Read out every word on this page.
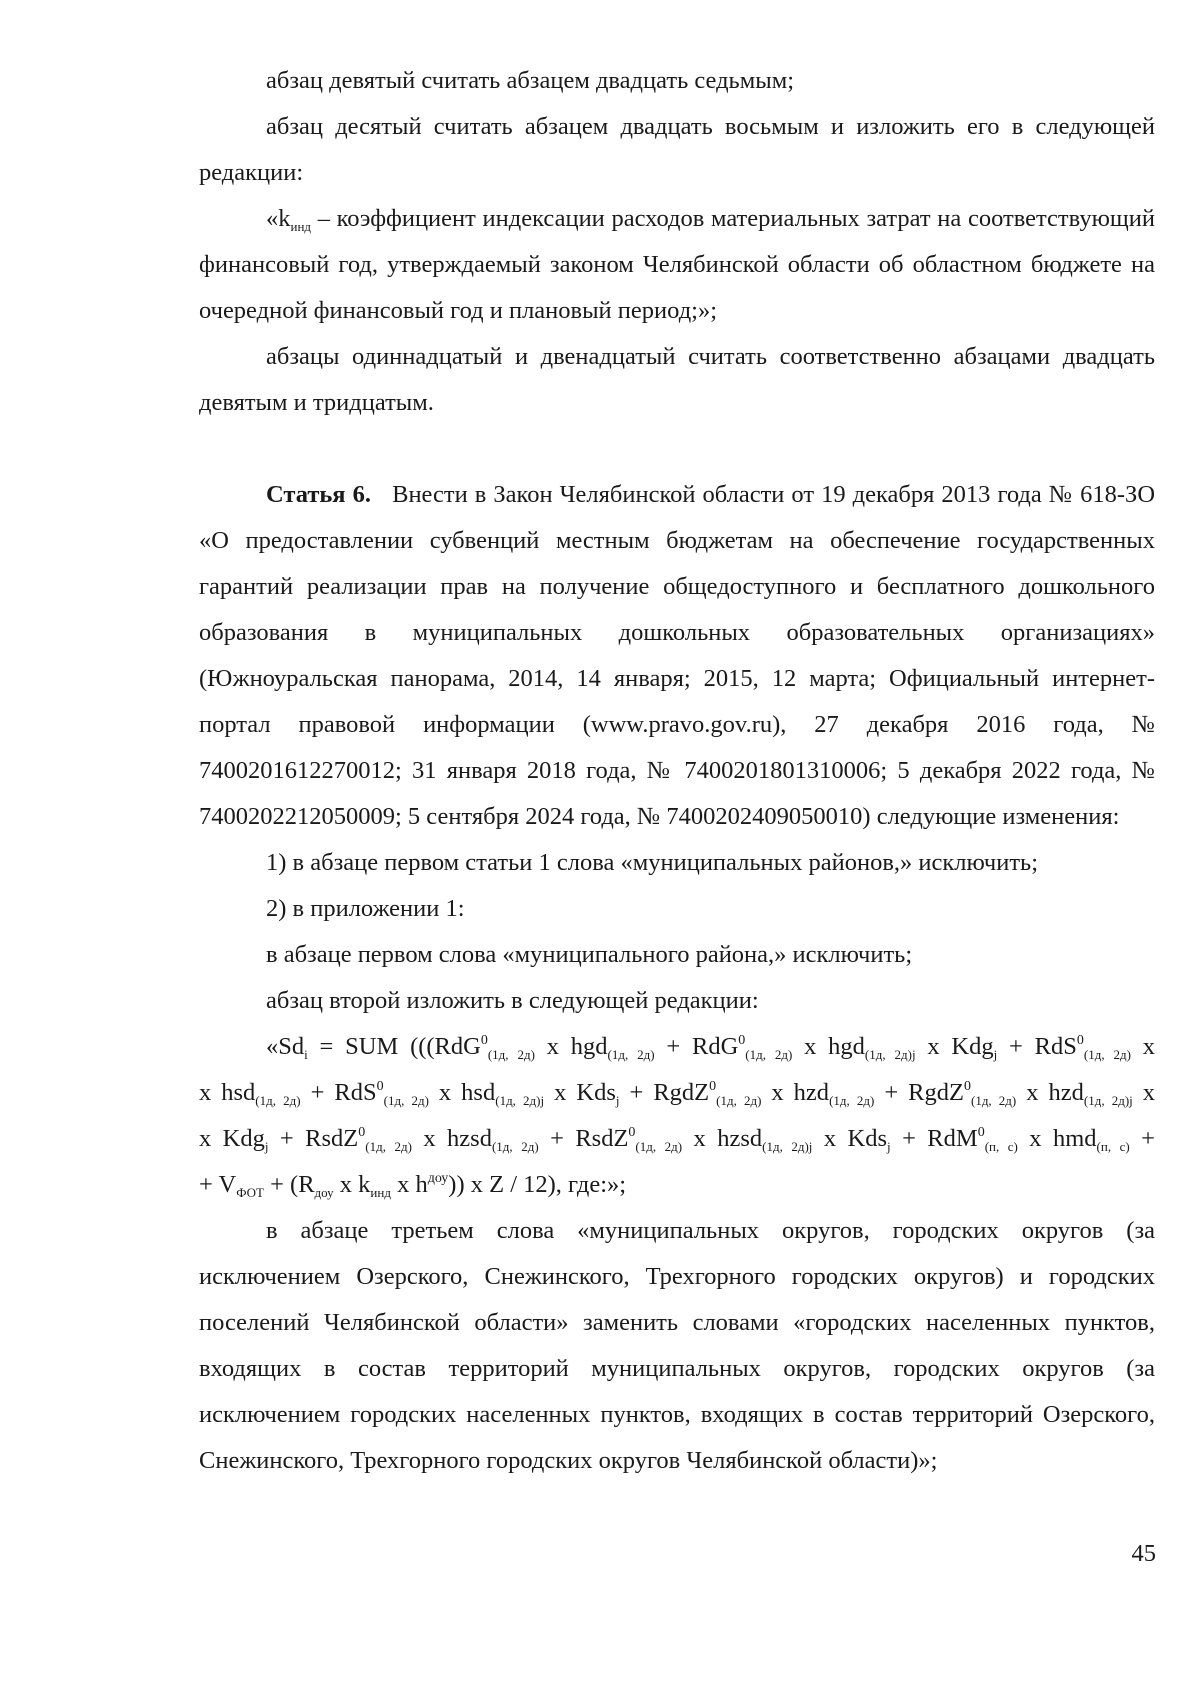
абзац девятый считать абзацем двадцать седьмым;

абзац десятый считать абзацем двадцать восьмым и изложить его в следующей редакции:

«$k_{инд}$ – коэффициент индексации расходов материальных затрат на соответствующий финансовый год, утверждаемый законом Челябинской области об областном бюджете на очередной финансовый год и плановый период;»;

абзацы одиннадцатый и двенадцатый считать соответственно абзацами двадцать девятым и тридцатым.

Статья 6. Внести в Закон Челябинской области от 19 декабря 2013 года № 618-ЗО «О предоставлении субвенций местным бюджетам на обеспечение государственных гарантий реализации прав на получение общедоступного и бесплатного дошкольного образования в муниципальных дошкольных образовательных организациях» (Южноуральская панорама, 2014, 14 января; 2015, 12 марта; Официальный интернет-портал правовой информации (www.pravo.gov.ru), 27 декабря 2016 года, № 7400201612270012; 31 января 2018 года, № 7400201801310006; 5 декабря 2022 года, № 7400202212050009; 5 сентября 2024 года, № 7400202409050010) следующие изменения:

1) в абзаце первом статьи 1 слова «муниципальных районов,» исключить;

2) в приложении 1:

в абзаце первом слова «муниципального района,» исключить;

абзац второй изложить в следующей редакции:

«$Sd_i$ = SUM (((RdG$^0_{(1д, 2д)}$ x hgd$_{(1д, 2д)}$ + RdG$^0_{(1д, 2д)}$ x hgd$_{(1д, 2д)j}$ x Kdg$_j$ + RdS$^0_{(1д, 2д)}$ x
x hsd$_{(1д, 2д)}$ + RdS$^0_{(1д, 2д)}$ x hsd$_{(1д, 2д)j}$ x Kds$_j$ + RgdZ$^0_{(1д, 2д)}$ x hzd$_{(1д, 2д)}$ + RgdZ$^0_{(1д, 2д)}$ x hzd$_{(1д, 2д)j}$ x
x Kdg$_j$ + RsdZ$^0_{(1д, 2д)}$ x hzsd$_{(1д, 2д)}$ + RsdZ$^0_{(1д, 2д)}$ x hzsd$_{(1д, 2д)j}$ x Kds$_j$ + RdM$^0_{(п, с)}$ x hmd$_{(п, с)}$ +
+ $V_{ФОТ} + (R_{доу}$ x $k_{инд}$ x $h^{доу}$)) x Z / 12), где:»;

в абзаце третьем слова «муниципальных округов, городских округов (за исключением Озерского, Снежинского, Трехгорного городских округов) и городских поселений Челябинской области» заменить словами «городских населенных пунктов, входящих в состав территорий муниципальных округов, городских округов (за исключением городских населенных пунктов, входящих в состав территорий Озерского, Снежинского, Трехгорного городских округов Челябинской области)»;

45
